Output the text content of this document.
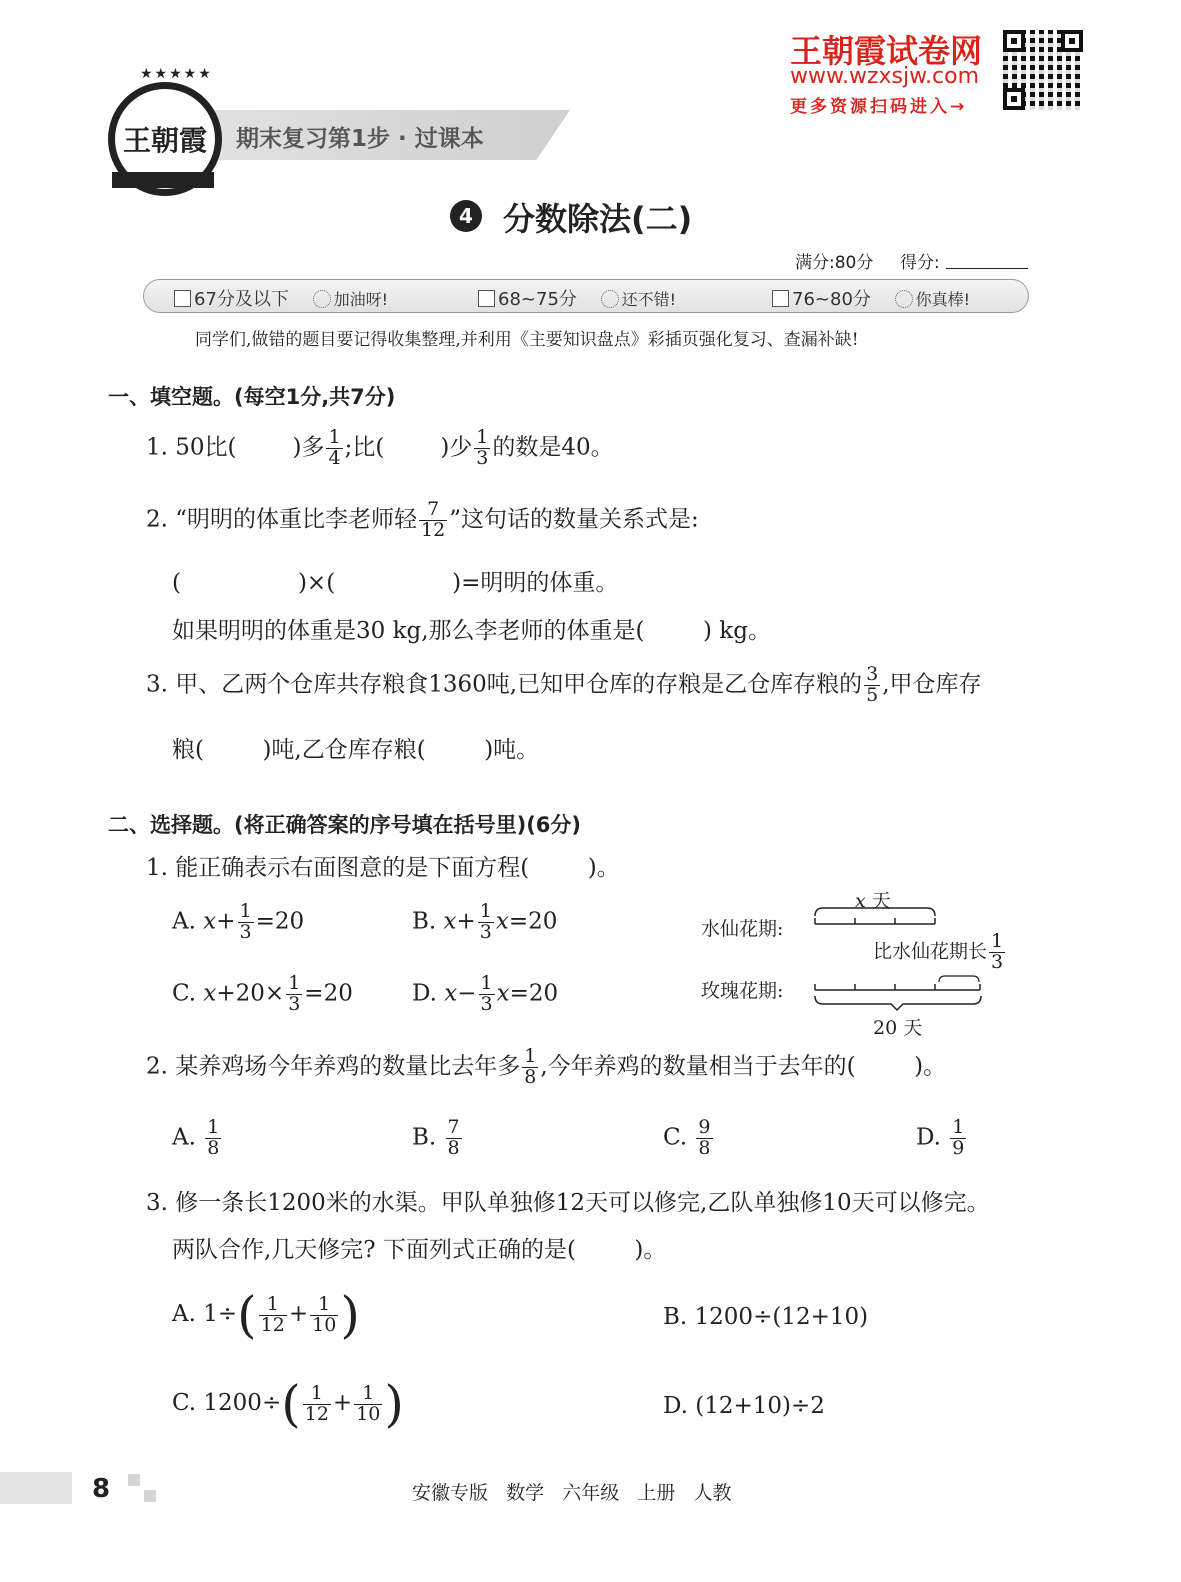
期末复习第1步 · 过课本
王朝霞
★★★★★
王朝霞试卷网
www.wzxsjw.com
更多资源扫码进入→
4 分数除法(二)
满分:80分 得分:
67分及以下	加油呀!	68~75分	还不错!	76~80分	你真棒!
同学们,做错的题目要记得收集整理,并利用《主要知识盘点》彩插页强化复习、查漏补缺!
一、填空题。(每空1分,共7分)
1. 50比( )多 $\frac{1}{4}$ ;比( )少 $\frac{1}{3}$ 的数是40。
2. “明明的体重比李老师轻 $\frac{7}{12}$ ”这句话的数量关系式是:
(                )×(                )=明明的体重。
如果明明的体重是30 kg,那么李老师的体重是(        ) kg。
3. 甲、乙两个仓库共存粮食1360吨,已知甲仓库的存粮是乙仓库存粮的 $\frac{3}{5}$ ,甲仓库存
粮(        )吨,乙仓库存粮(        )吨。
二、选择题。(将正确答案的序号填在括号里)(6分)
1. 能正确表示右面图意的是下面方程(        )。
A. $x+ \frac{1}{3} =20$	B. $x+ \frac{1}{3} x=20$
C. $x+20\times \frac{1}{3} =20$	D. $x- \frac{1}{3} x=20$
x 天
水仙花期:
比水仙花期长 $\frac{1}{3}$
玫瑰花期:
20 天
2. 某养鸡场今年养鸡的数量比去年多 $\frac{1}{8}$ ,今年养鸡的数量相当于去年的(        )。
A. $\frac{1}{8}$	B. $\frac{7}{8}$	C. $\frac{9}{8}$	D. $\frac{1}{9}$
3. 修一条长1200米的水渠。甲队单独修12天可以修完,乙队单独修10天可以修完。
两队合作,几天修完? 下面列式正确的是(        )。
A. $1\div( \frac{1}{12} + \frac{1}{10}$ )	B. 1200÷(12+10)
C. $1200\div( \frac{1}{12} + \frac{1}{10}$ )	D. (12+10)÷2
8	安徽专版   数学   六年级   上册   人教
